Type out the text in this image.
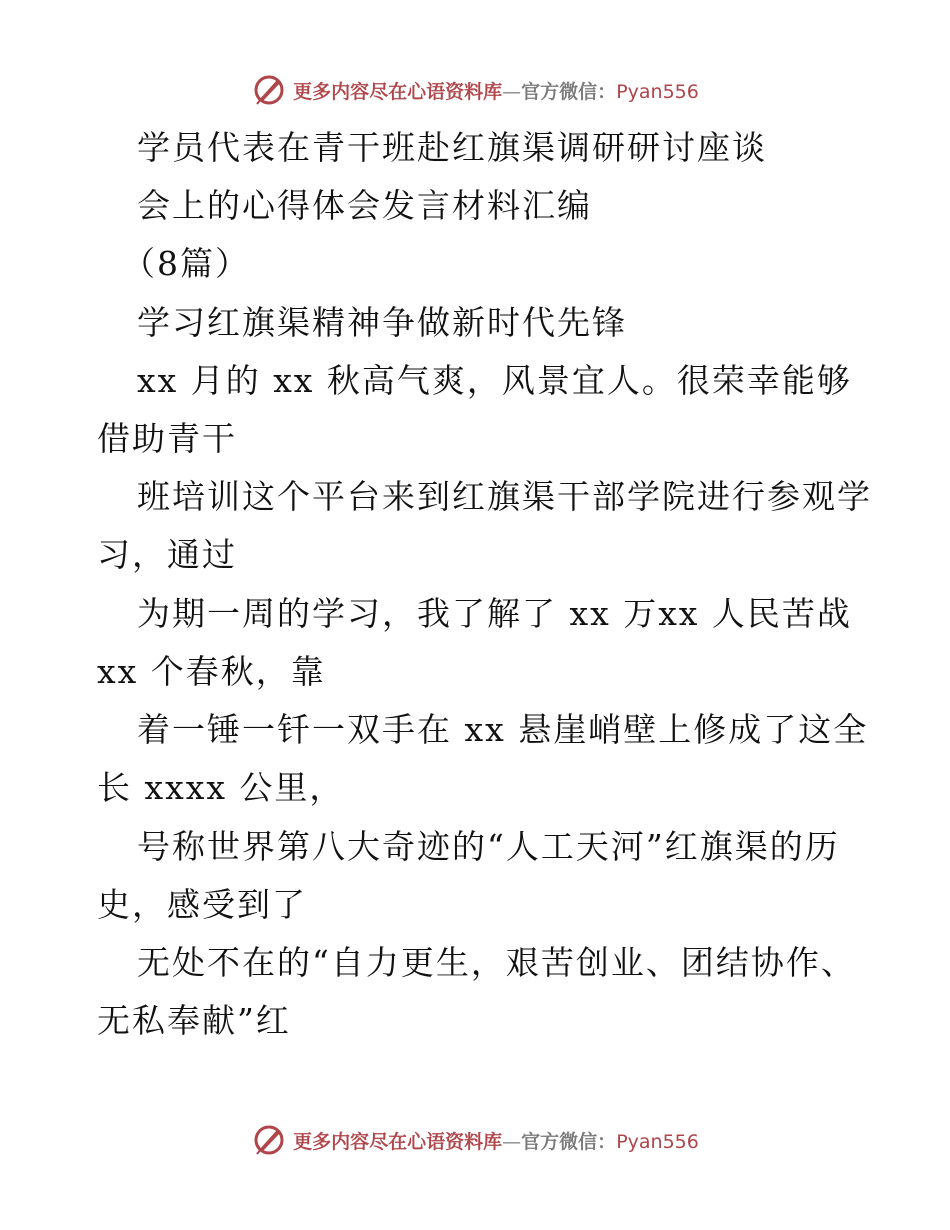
更多内容尽在心语资料库—官方微信：Pyan556
学员代表在青干班赴红旗渠调研研讨座谈
会上的心得体会发言材料汇编
（8篇）
学习红旗渠精神争做新时代先锋
xx 月的 xx 秋高气爽，风景宜人。很荣幸能够
借助青干
班培训这个平台来到红旗渠干部学院进行参观学
习，通过
为期一周的学习，我了解了 xx 万xx 人民苦战
xx 个春秋，靠
着一锤一钎一双手在 xx 悬崖峭壁上修成了这全
长 xxxx 公里，
号称世界第八大奇迹的“人工天河”红旗渠的历
史，感受到了
无处不在的“自力更生，艰苦创业、团结协作、
无私奉献”红
更多内容尽在心语资料库—官方微信：Pyan556
